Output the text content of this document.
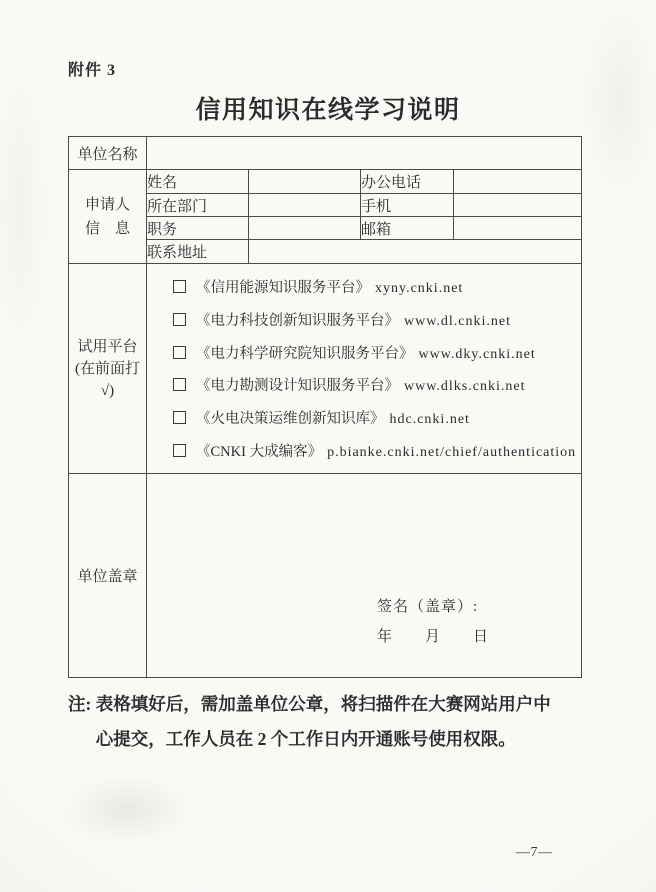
附件 3
信用知识在线学习说明
单位名称				

申请人
信　息	姓名		办公电话	
	所在部门		手机	
	职务		邮箱	
	联系地址			

试用平台
(在前面打
√)

《信用能源知识服务平台》 xyny.cnki.net
《电力科技创新知识服务平台》 www.dl.cnki.net
《电力科学研究院知识服务平台》 www.dky.cnki.net
《电力勘测设计知识服务平台》 www.dlks.cnki.net
《火电决策运维创新知识库》 hdc.cnki.net
《CNKI 大成编客》 p.bianke.cnki.net/chief/authentication

单位盖章	签名（盖章）:
年　　月　　日			
注: 表格填好后，需加盖单位公章，将扫描件在大赛网站用户中
心提交，工作人员在 2 个工作日内开通账号使用权限。
—7—
